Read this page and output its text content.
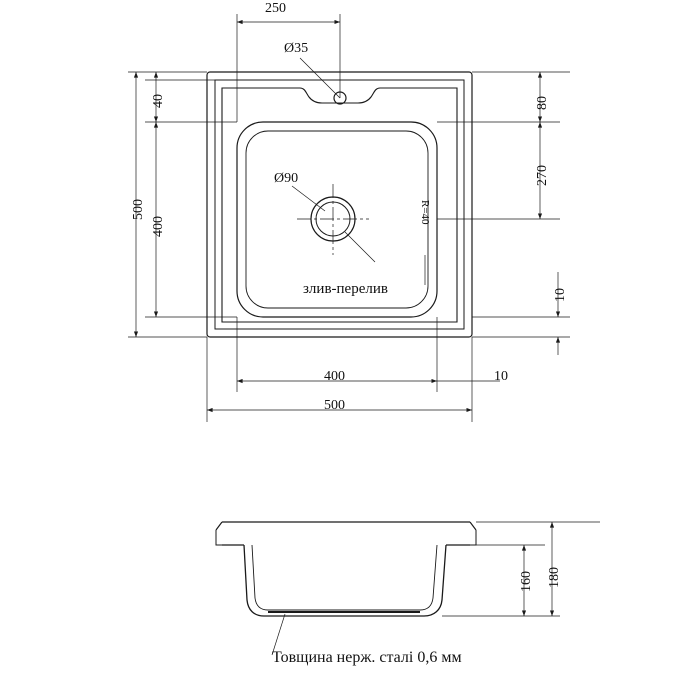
250
Ø35
40
400
500
80
270
10
Ø90
R=40
злив-перелив
400	10
500
160 180
Товщина нерж. сталі 0,6 мм
